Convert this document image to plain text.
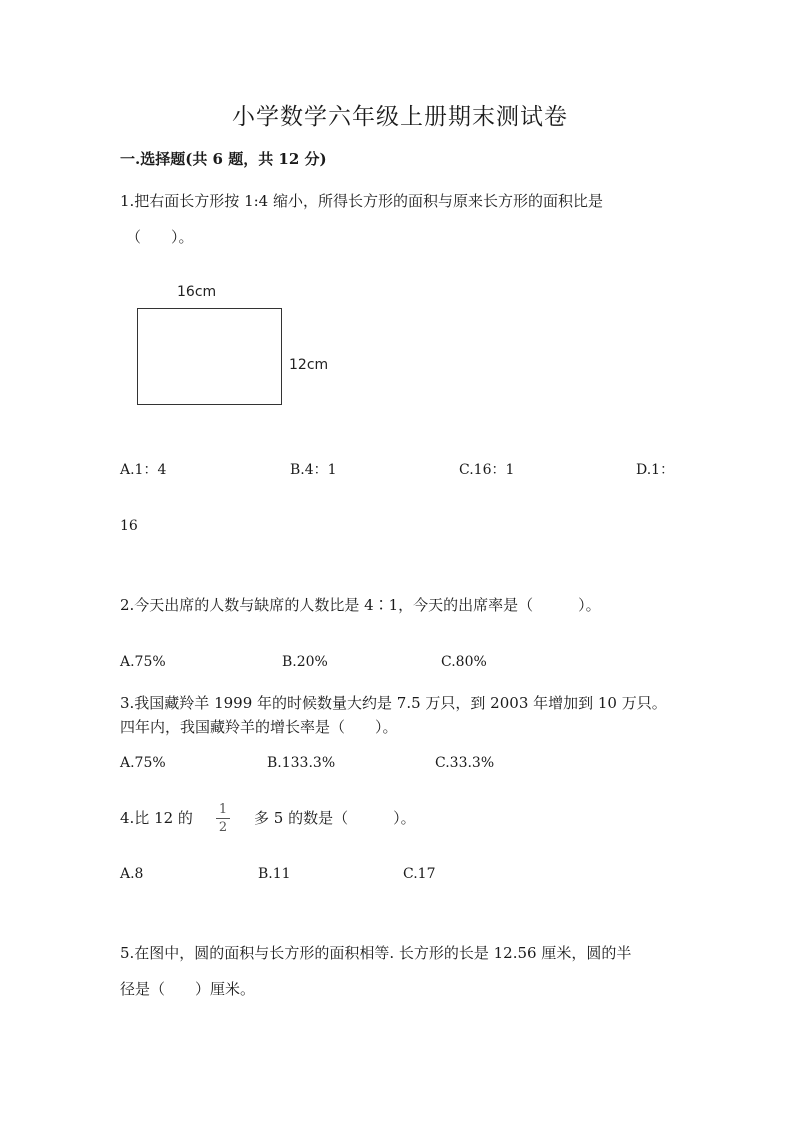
小学数学六年级上册期末测试卷
一.选择题(共 6 题，共 12 分)
1.把右面长方形按 1:4 缩小，所得长方形的面积与原来长方形的面积比是
（　　）。
16cm
12cm
A.1：4	B.4：1	C.16：1	D.1：
16
2.今天出席的人数与缺席的人数比是 4∶1，今天的出席率是（　　　）。
A.75%	B.20%	C.80%
3.我国藏羚羊 1999 年的时候数量大约是 7.5 万只，到 2003 年增加到 10 万只。
四年内，我国藏羚羊的增长率是（　　）。
A.75%	B.133.3%	C.33.3%
4.比 12 的 1
2
多 5 的数是（　　　）。
A.8	B.11	C.17
5.在图中，圆的面积与长方形的面积相等. 长方形的长是 12.56 厘米，圆的半
径是（　　）厘米。
